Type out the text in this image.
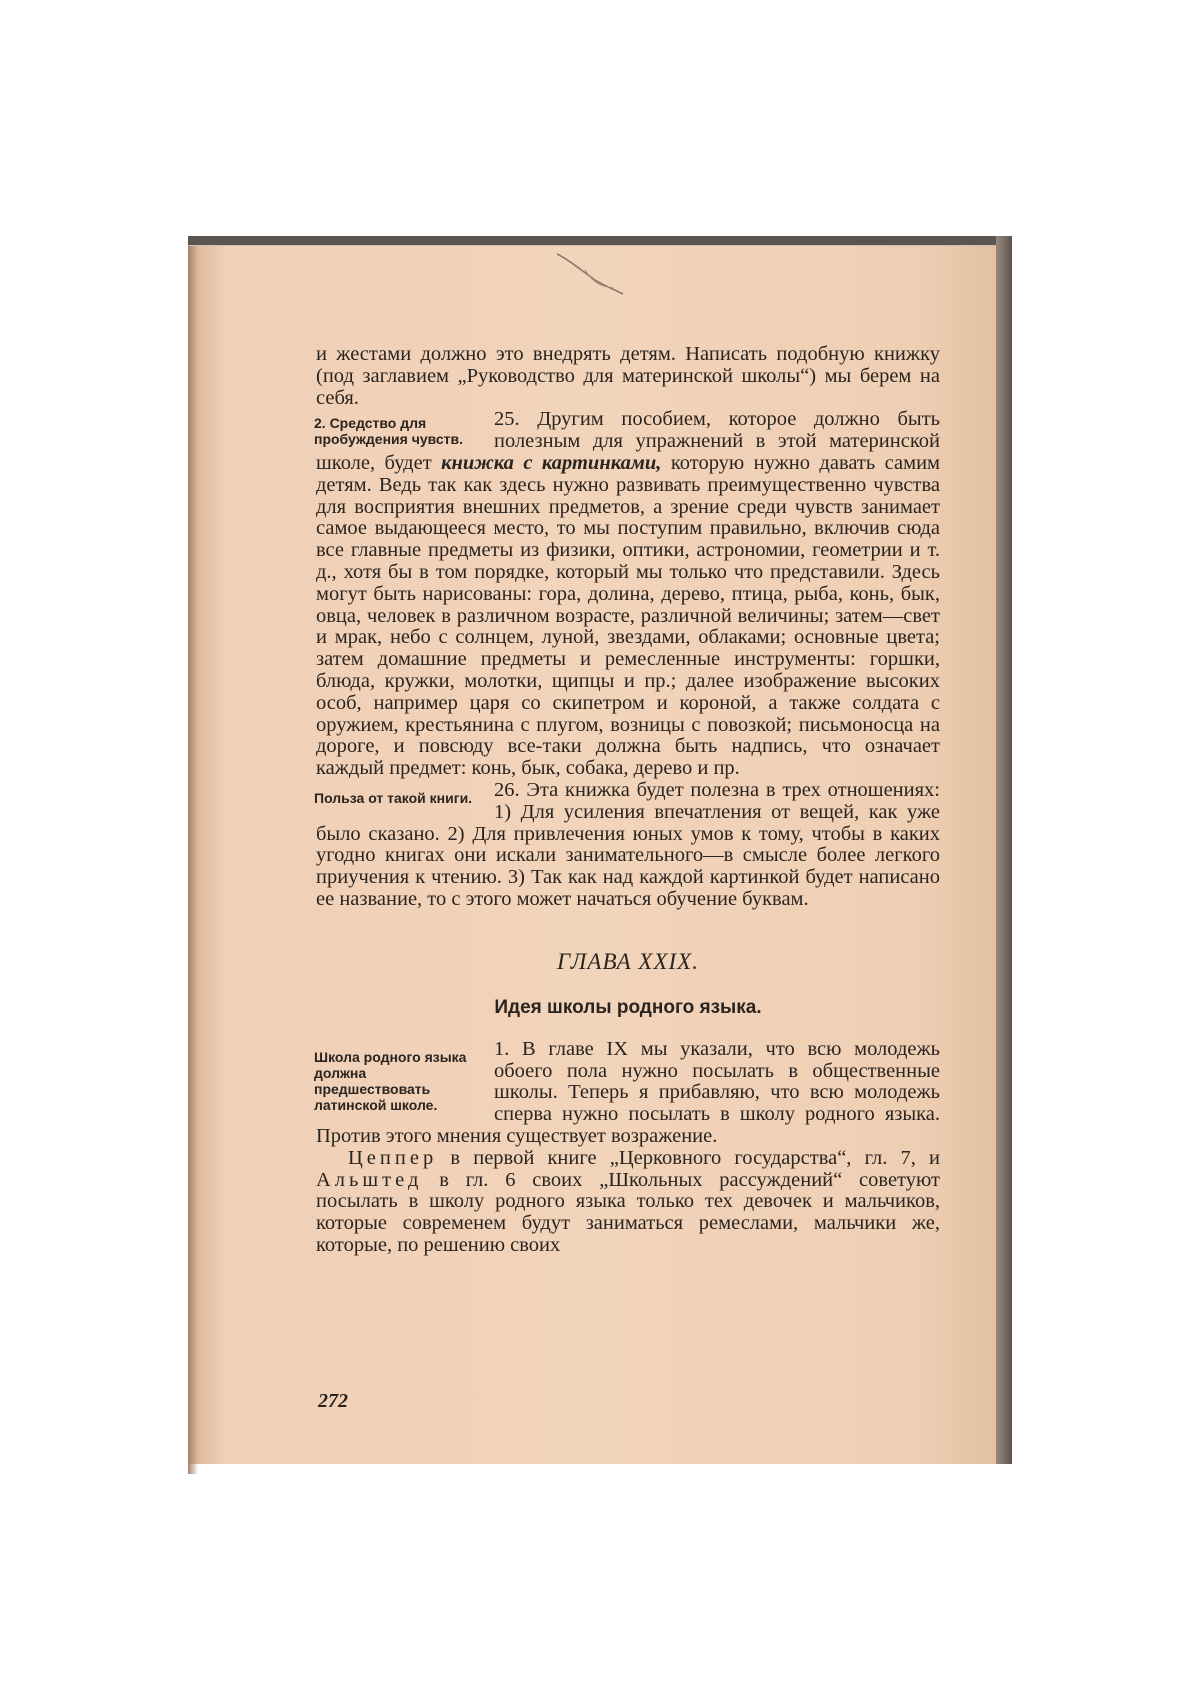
и жестами должно это внедрять детям. Написать подобную книжку (под заглавием „Руководство для материнской школы“) мы берем на себя.

2. Средство для пробуждения чувств.

25. Другим пособием, которое должно быть полезным для упражнений в этой материнской школе, будет книжка с картинками, которую нужно давать самим детям. Ведь так как здесь нужно развивать преимущественно чувства для восприятия внешних предметов, а зрение среди чувств занимает самое выдающееся место, то мы поступим правильно, включив сюда все главные предметы из физики, оптики, астрономии, геометрии и т. д., хотя бы в том порядке, который мы только что представили. Здесь могут быть нарисованы: гора, долина, дерево, птица, рыба, конь, бык, овца, человек в различном возрасте, различной величины; затем—свет и мрак, небо с солнцем, луной, звездами, облаками; основные цвета; затем домашние предметы и ремесленные инструменты: горшки, блюда, кружки, молотки, щипцы и пр.; далее изображение высоких особ, например царя со скипетром и короной, а также солдата с оружием, крестьянина с плугом, возницы с повозкой; письмоносца на дороге, и повсюду все-таки должна быть надпись, что означает каждый предмет: конь, бык, собака, дерево и пр.

Польза от такой книги.	26. Эта книжка будет полезна в трех отношениях: 1) Для усиления впечатления от вещей, как уже было сказано. 2) Для привлечения юных умов к тому, чтобы в каких угодно книгах они искали занимательного—в смысле более легкого приучения к чтению. 3) Так как над каждой картинкой будет написано ее название, то с этого может начаться обучение буквам.

ГЛАВА XXIX.
Идея школы родного языка.
Школа родного языка должна предшествовать латинской школе.

1. В главе IX мы указали, что всю молодежь обоего пола нужно посылать в общественные школы. Теперь я прибавляю, что всю молодежь сперва нужно посылать в школу родного языка. Против этого мнения существует возражение.

Цеппер в первой книге „Церковного государства“, гл. 7, и Альштед в гл. 6 своих „Школьных рассуждений“ советуют посылать в школу родного языка только тех девочек и мальчиков, которые современем будут заниматься ремеслами, мальчики же, которые, по решению своих

272
